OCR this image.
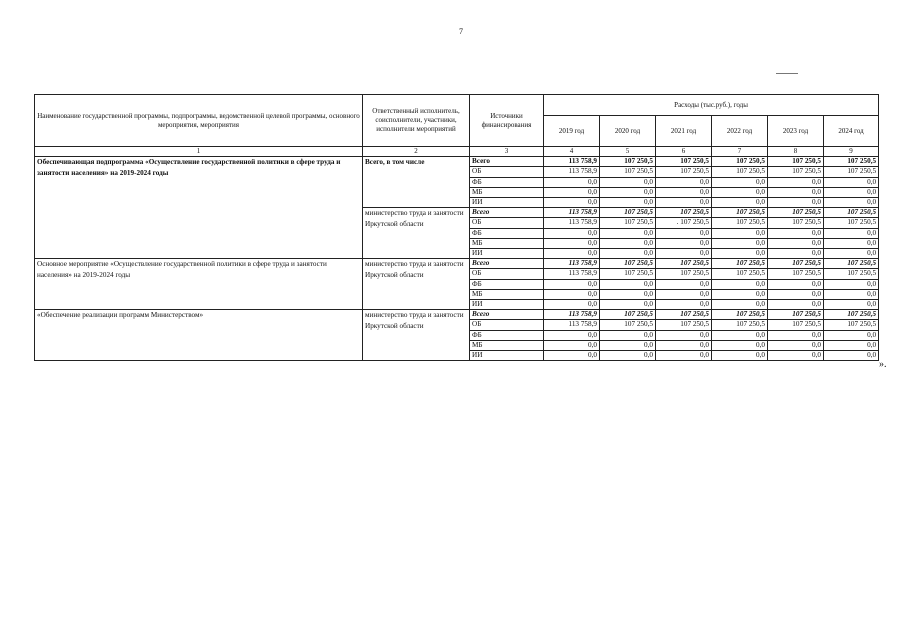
7
Наименование государственной программы, подпрограммы, ведомственной целевой программы, основного мероприятия, мероприятия	Ответственный исполнитель, соисполнители, участники, исполнители мероприятий	Источники финансирования	Расходы (тыс.руб.), годы					
			2019 год	2020 год	2021 год	2022 год	2023 год	2024 год
1	2	3	4	5	6	7	8	9
Обеспечивающая подпрограмма «Осуществление государственной политики в сфере труда и занятости населения» на 2019-2024 годы	Всего, в том числе	Всего	113 758,9	107 250,5	107 250,5	107 250,5	107 250,5	107 250,5
		ОБ	113 758,9	107 250,5	107 250,5	107 250,5	107 250,5	107 250,5
		ФБ	0,0	0,0	0,0	0,0	0,0	0,0
		МБ	0,0	0,0	0,0	0,0	0,0	0,0
		ИИ	0,0	0,0	0,0	0,0	0,0	0,0
	министерство труда и занятости Иркутской области	Всего	113 758,9	107 250,5	107 250,5	107 250,5	107 250,5	107 250,5
		ОБ	113 758,9	107 250,5	. 107 250,5	107 250,5	107 250,5	107 250,5
		ФБ	0,0	0,0	0,0	0,0	0,0	0,0
		МБ	0,0	0,0	0,0	0,0	0,0	0,0
		ИИ	0,0	0,0	0,0	0,0	0,0	0,0
Основное мероприятие «Осуществление государственной политики в сфере труда и занятости населения» на 2019-2024 годы	министерство труда и занятости Иркутской области	Всего	113 758,9	107 250,5	107 250,5	107 250,5	107 250,5	107 250,5
		ОБ	113 758,9	107 250,5	107 250,5	107 250,5	107 250,5	107 250,5
		ФБ	0,0	0,0	0,0	0,0	0,0	0,0
		МБ	0,0	0,0	0,0	0,0	0,0	0,0
		ИИ	0,0	0,0	0,0	0,0	0,0	0,0
«Обеспечение реализации программ Министерством»	министерство труда и занятости Иркутской области	Всего	113 758,9	107 250,5	107 250,5	107 250,5	107 250,5	107 250,5
		ОБ	113 758,9	107 250,5	107 250,5	107 250,5	107 250,5	107 250,5
		ФБ	0,0	0,0	0,0	0,0	0,0	0,0
		МБ	0,0	0,0	0,0	0,0	0,0	0,0
		ИИ	0,0	0,0	0,0	0,0	0,0	0,0
».
